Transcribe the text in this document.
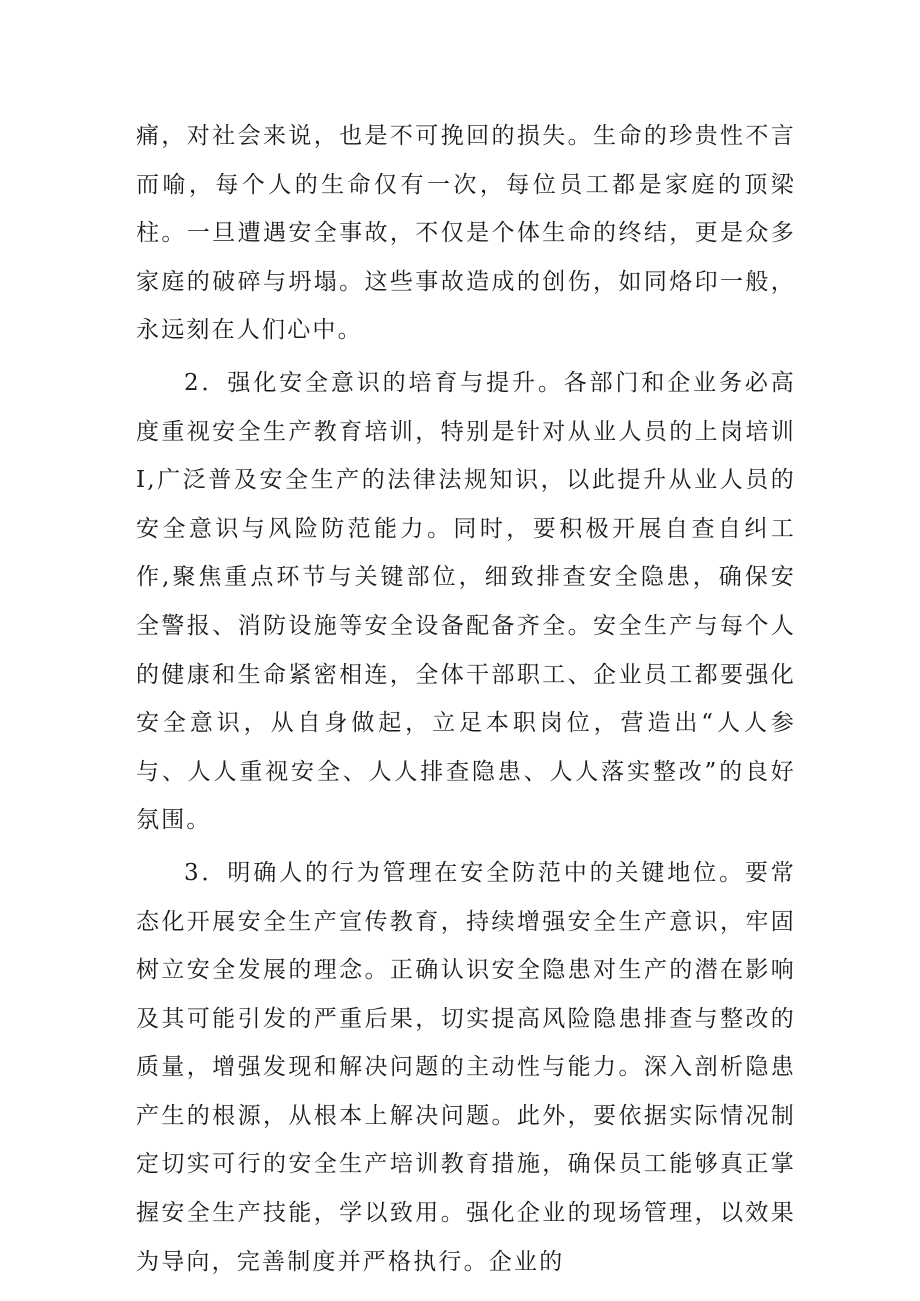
痛，对社会来说，也是不可挽回的损失。生命的珍贵性不言而喻，每个人的生命仅有一次，每位员工都是家庭的顶梁柱。一旦遭遇安全事故，不仅是个体生命的终结，更是众多家庭的破碎与坍塌。这些事故造成的创伤，如同烙印一般，永远刻在人们心中。

2．强化安全意识的培育与提升。各部门和企业务必高度重视安全生产教育培训，特别是针对从业人员的上岗培训I,广泛普及安全生产的法律法规知识，以此提升从业人员的安全意识与风险防范能力。同时，要积极开展自查自纠工作,聚焦重点环节与关键部位，细致排查安全隐患，确保安全警报、消防设施等安全设备配备齐全。安全生产与每个人的健康和生命紧密相连，全体干部职工、企业员工都要强化安全意识，从自身做起，立足本职岗位，营造出“人人参与、人人重视安全、人人排查隐患、人人落实整改”的良好氛围。

3．明确人的行为管理在安全防范中的关键地位。要常态化开展安全生产宣传教育，持续增强安全生产意识，牢固树立安全发展的理念。正确认识安全隐患对生产的潜在影响及其可能引发的严重后果，切实提高风险隐患排查与整改的质量，增强发现和解决问题的主动性与能力。深入剖析隐患产生的根源，从根本上解决问题。此外，要依据实际情况制定切实可行的安全生产培训教育措施，确保员工能够真正掌握安全生产技能，学以致用。强化企业的现场管理，以效果为导向，完善制度并严格执行。企业的
